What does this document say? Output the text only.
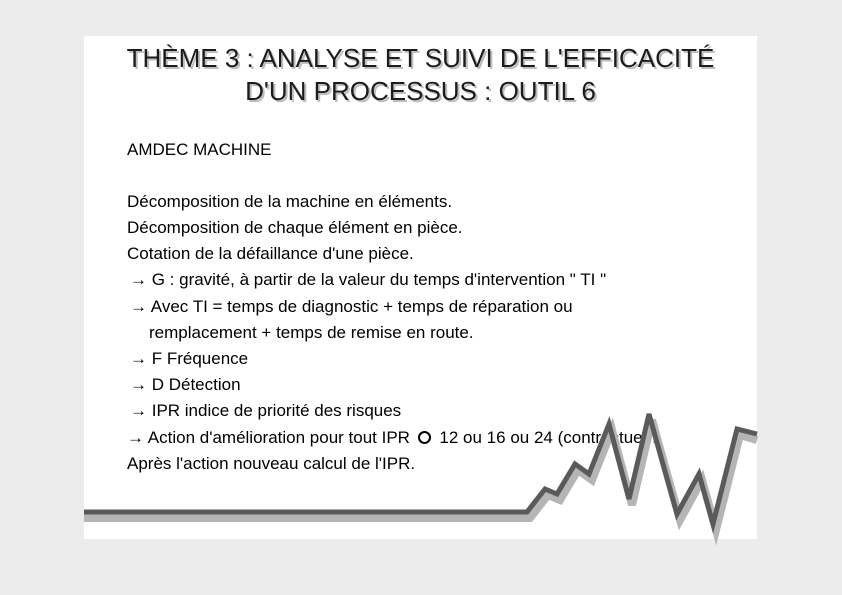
THÈME 3 : ANALYSE ET SUIVI DE L'EFFICACITÉ
D'UN PROCESSUS : OUTIL 6

AMDEC MACHINE

Décomposition de la machine en éléments.

Décomposition de chaque élément en pièce.

Cotation de la défaillance d'une pièce.

→ G : gravité, à partir de la valeur du temps d'intervention " TI "

→ Avec TI = temps de diagnostic + temps de réparation ou

remplacement + temps de remise en route.

→ F Fréquence

→ D Détection

→ IPR indice de priorité des risques

→ Action d'amélioration pour tout IPR 12 ou 16 ou 24 (contractuel).

Après l'action nouveau calcul de l'IPR.
